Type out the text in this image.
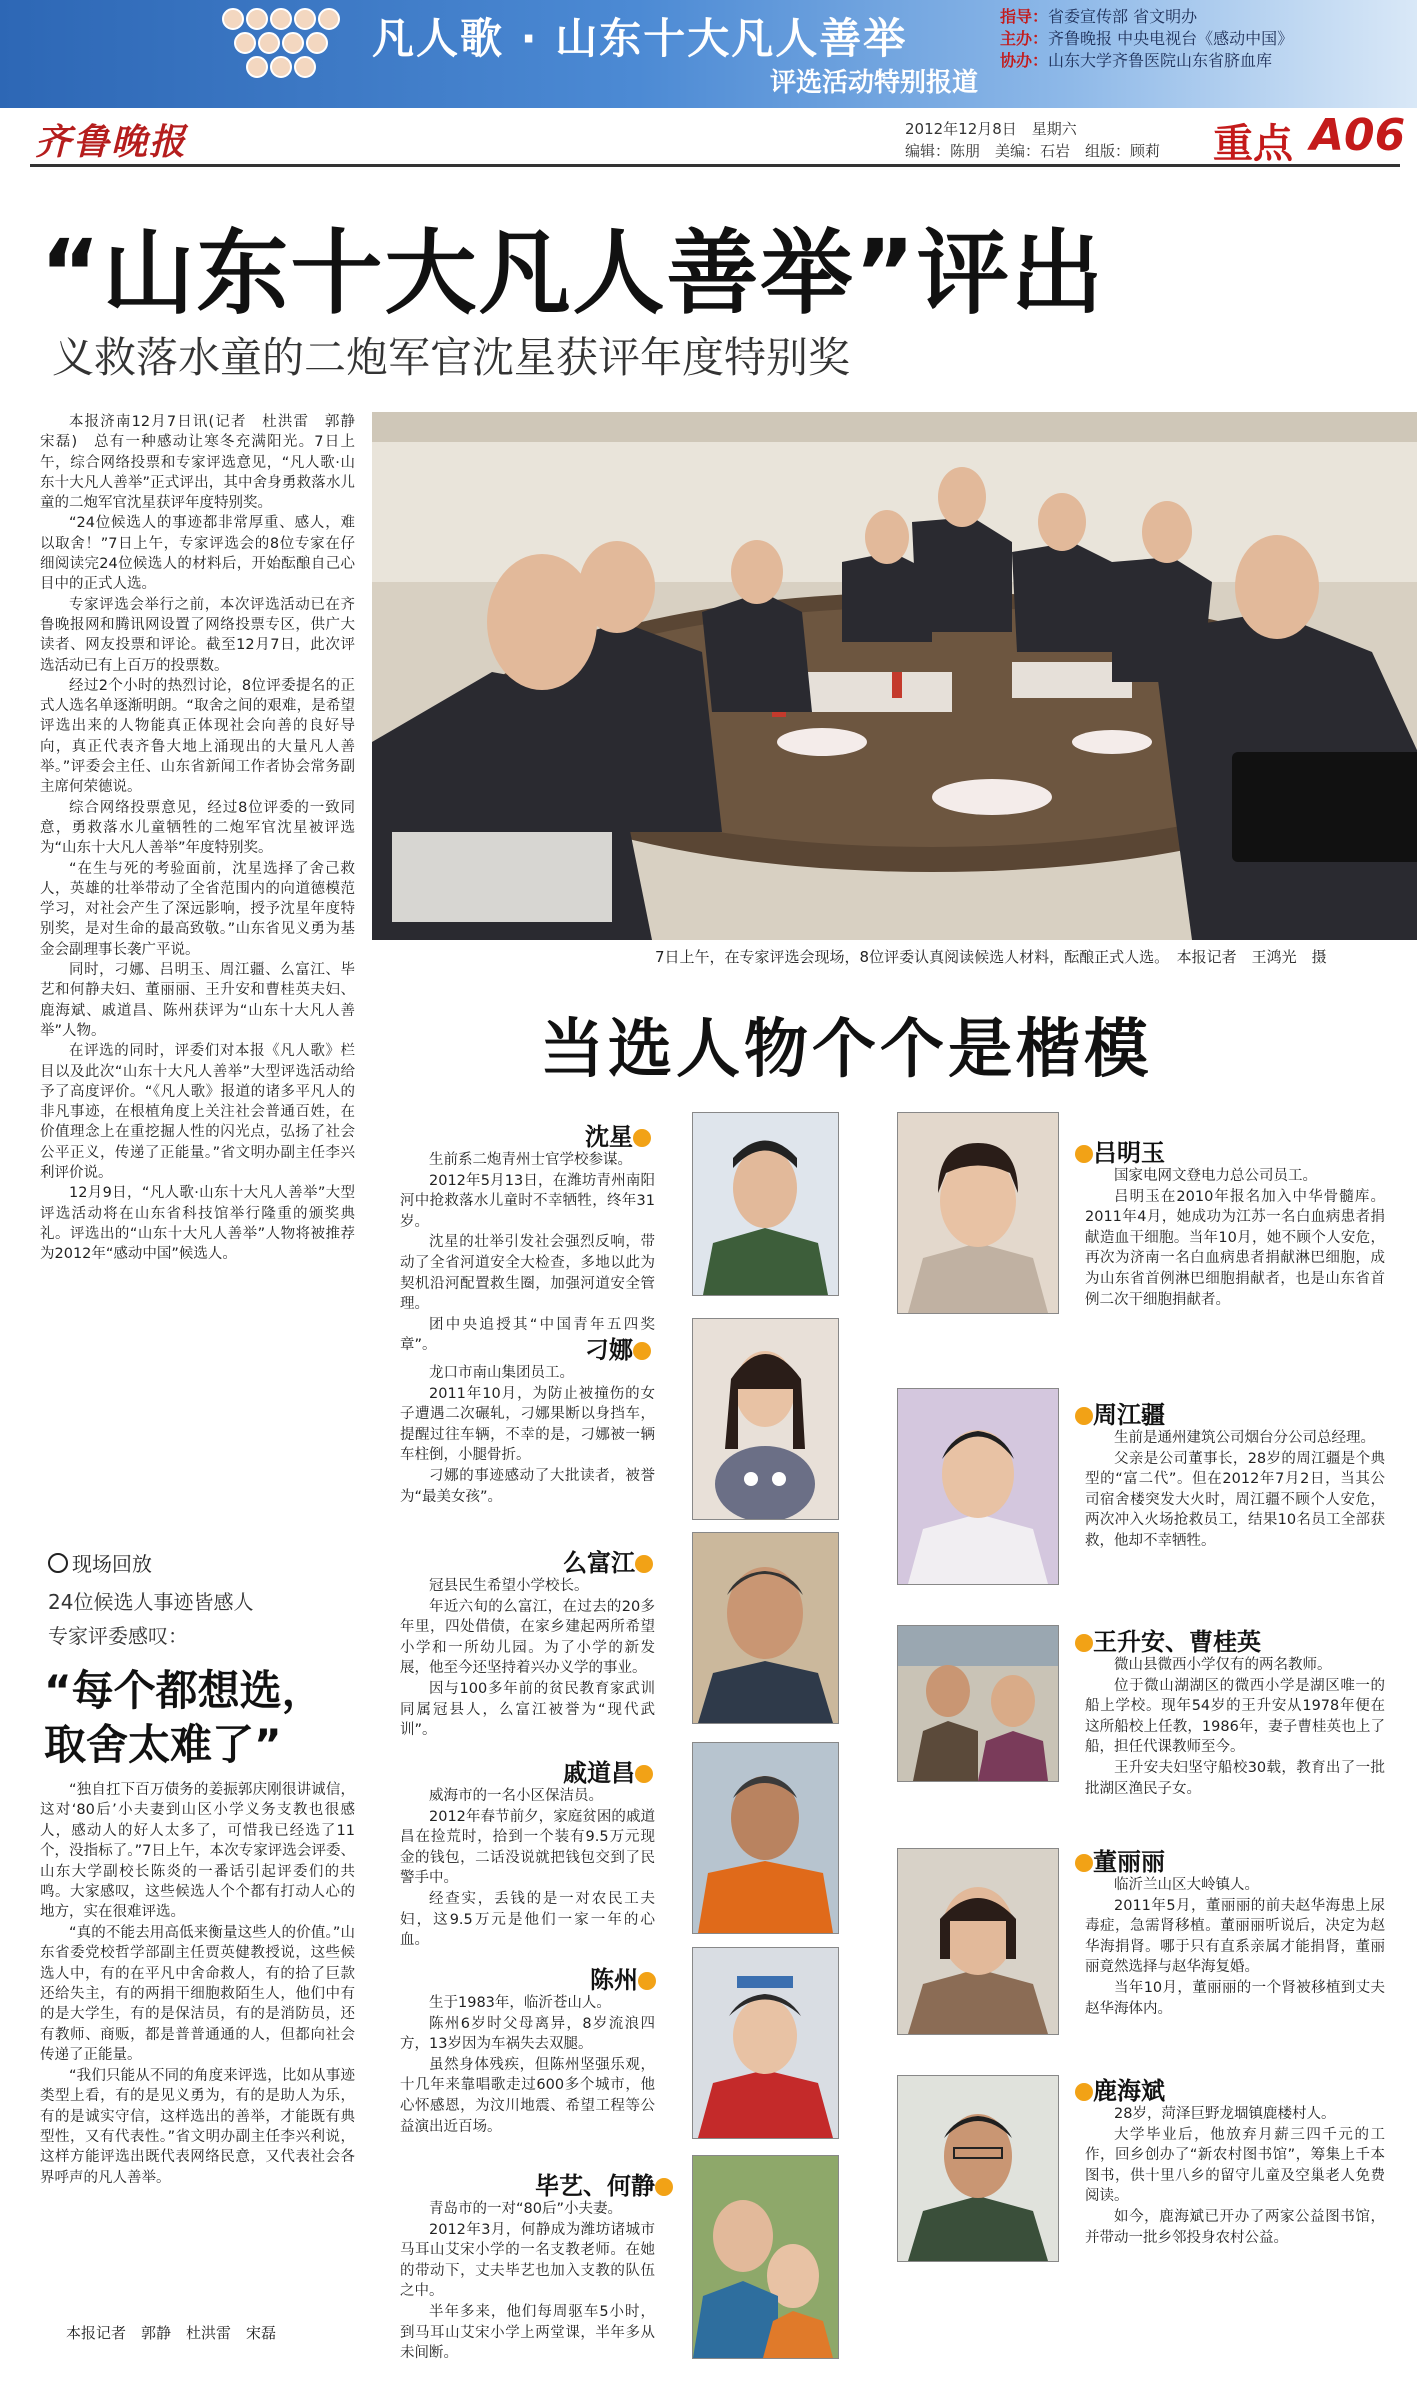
凡人歌 · 山东十大凡人善举
评选活动特别报道
指导：省委宣传部 省文明办
主办：齐鲁晚报 中央电视台《感动中国》
协办：山东大学齐鲁医院山东省脐血库
齐鲁晚报	2012年12月8日　星期六
编辑：陈朋　美编：石岩　组版：顾莉 重点 A06
“山东十大凡人善举”评出
义救落水童的二炮军官沈星获评年度特别奖

本报济南12月7日讯(记者　杜洪雷　郭静　宋磊)　总有一种感动让寒冬充满阳光。7日上午，综合网络投票和专家评选意见，“凡人歌·山东十大凡人善举”正式评出，其中舍身勇救落水儿童的二炮军官沈星获评年度特别奖。

“24位候选人的事迹都非常厚重、感人，难以取舍！”7日上午，专家评选会的8位专家在仔细阅读完24位候选人的材料后，开始酝酿自己心目中的正式人选。

专家评选会举行之前，本次评选活动已在齐鲁晚报网和腾讯网设置了网络投票专区，供广大读者、网友投票和评论。截至12月7日，此次评选活动已有上百万的投票数。

经过2个小时的热烈讨论，8位评委提名的正式人选名单逐渐明朗。“取舍之间的艰难，是希望评选出来的人物能真正体现社会向善的良好导向，真正代表齐鲁大地上涌现出的大量凡人善举。”评委会主任、山东省新闻工作者协会常务副主席何荣德说。

综合网络投票意见，经过8位评委的一致同意，勇救落水儿童牺牲的二炮军官沈星被评选为“山东十大凡人善举”年度特别奖。

“在生与死的考验面前，沈星选择了舍己救人，英雄的壮举带动了全省范围内的向道德模范学习，对社会产生了深远影响，授予沈星年度特别奖，是对生命的最高致敬。”山东省见义勇为基金会副理事长袭广平说。

同时，刁娜、吕明玉、周江疆、么富江、毕艺和何静夫妇、董丽丽、王升安和曹桂英夫妇、鹿海斌、戚道昌、陈州获评为“山东十大凡人善举”人物。

在评选的同时，评委们对本报《凡人歌》栏目以及此次“山东十大凡人善举”大型评选活动给予了高度评价。“《凡人歌》报道的诸多平凡人的非凡事迹，在根植角度上关注社会普通百姓，在价值理念上在重挖掘人性的闪光点，弘扬了社会公平正义，传递了正能量。”省文明办副主任李兴利评价说。

12月9日，“凡人歌·山东十大凡人善举”大型评选活动将在山东省科技馆举行隆重的颁奖典礼。评选出的“山东十大凡人善举”人物将被推荐为2012年“感动中国”候选人。

现场回放
24位候选人事迹皆感人
专家评委感叹：
“每个都想选，
取舍太难了”

“独自扛下百万债务的姜振郭庆刚很讲诚信，这对‘80后’小夫妻到山区小学义务支教也很感人，感动人的好人太多了，可惜我已经选了11个，没指标了。”7日上午，本次专家评选会评委、山东大学副校长陈炎的一番话引起评委们的共鸣。大家感叹，这些候选人个个都有打动人心的地方，实在很难评选。

“真的不能去用高低来衡量这些人的价值。”山东省委党校哲学部副主任贾英健教授说，这些候选人中，有的在平凡中舍命救人，有的拾了巨款还给失主，有的两捐干细胞救陌生人，他们中有的是大学生，有的是保洁员，有的是消防员，还有教师、商贩，都是普普通通的人，但都向社会传递了正能量。

“我们只能从不同的角度来评选，比如从事迹类型上看，有的是见义勇为，有的是助人为乐，有的是诚实守信，这样选出的善举，才能既有典型性，又有代表性。”省文明办副主任李兴利说，这样方能评选出既代表网络民意，又代表社会各界呼声的凡人善举。

本报记者　郭静　杜洪雷　宋磊
7日上午，在专家评选会现场，8位评委认真阅读候选人材料，酝酿正式人选。　本报记者　王鸿光　摄
当选人物个个是楷模
沈星

生前系二炮青州士官学校参谋。

2012年5月13日，在潍坊青州南阳河中抢救落水儿童时不幸牺牲，终年31岁。

沈星的壮举引发社会强烈反响，带动了全省河道安全大检查，多地以此为契机沿河配置救生圈，加强河道安全管理。

团中央追授其“中国青年五四奖章”。	刁娜

龙口市南山集团员工。

2011年10月，为防止被撞伤的女子遭遇二次碾轧，刁娜果断以身挡车，提醒过往车辆，不幸的是，刁娜被一辆车柱倒，小腿骨折。

刁娜的事迹感动了大批读者，被誉为“最美女孩”。

么富江

冠县民生希望小学校长。

年近六旬的么富江，在过去的20多年里，四处借债，在家乡建起两所希望小学和一所幼儿园。为了小学的新发展，他至今还坚持着兴办义学的事业。

因与100多年前的贫民教育家武训同属冠县人，么富江被誉为“现代武训”。

戚道昌

威海市的一名小区保洁员。

2012年春节前夕，家庭贫困的戚道昌在捡荒时，拾到一个装有9.5万元现金的钱包，二话没说就把钱包交到了民警手中。

经查实，丢钱的是一对农民工夫妇，这9.5万元是他们一家一年的心血。

陈州

生于1983年，临沂苍山人。

陈州6岁时父母离异，8岁流浪四方，13岁因为车祸失去双腿。

虽然身体残疾，但陈州坚强乐观，十几年来靠唱歌走过600多个城市，他心怀感恩，为汶川地震、希望工程等公益演出近百场。

毕艺、何静

青岛市的一对“80后”小夫妻。

2012年3月，何静成为潍坊诸城市马耳山艾宋小学的一名支教老师。在她的带动下，丈夫毕艺也加入支教的队伍之中。

半年多来，他们每周驱车5小时，到马耳山艾宋小学上两堂课，半年多从未间断。

吕明玉

国家电网文登电力总公司员工。

吕明玉在2010年报名加入中华骨髓库。2011年4月，她成功为江苏一名白血病患者捐献造血干细胞。当年10月，她不顾个人安危，再次为济南一名白血病患者捐献淋巴细胞，成为山东省首例淋巴细胞捐献者，也是山东省首例二次干细胞捐献者。

周江疆

生前是通州建筑公司烟台分公司总经理。

父亲是公司董事长，28岁的周江疆是个典型的“富二代”。但在2012年7月2日，当其公司宿舍楼突发大火时，周江疆不顾个人安危，两次冲入火场抢救员工，结果10名员工全部获救，他却不幸牺牲。

王升安、曹桂英

微山县微西小学仅有的两名教师。

位于微山湖湖区的微西小学是湖区唯一的船上学校。现年54岁的王升安从1978年便在这所船校上任教，1986年，妻子曹桂英也上了船，担任代课教师至今。

王升安夫妇坚守船校30载，教育出了一批批湖区渔民子女。

董丽丽

临沂兰山区大岭镇人。

2011年5月，董丽丽的前夫赵华海患上尿毒症，急需肾移植。董丽丽听说后，决定为赵华海捐肾。哪于只有直系亲属才能捐肾，董丽丽竟然选择与赵华海复婚。

当年10月，董丽丽的一个肾被移植到丈夫赵华海体内。

鹿海斌

28岁，菏泽巨野龙堌镇鹿楼村人。

大学毕业后，他放弃月薪三四千元的工作，回乡创办了“新农村图书馆”，筹集上千本图书，供十里八乡的留守儿童及空巢老人免费阅读。

如今，鹿海斌已开办了两家公益图书馆，并带动一批乡邻投身农村公益。
